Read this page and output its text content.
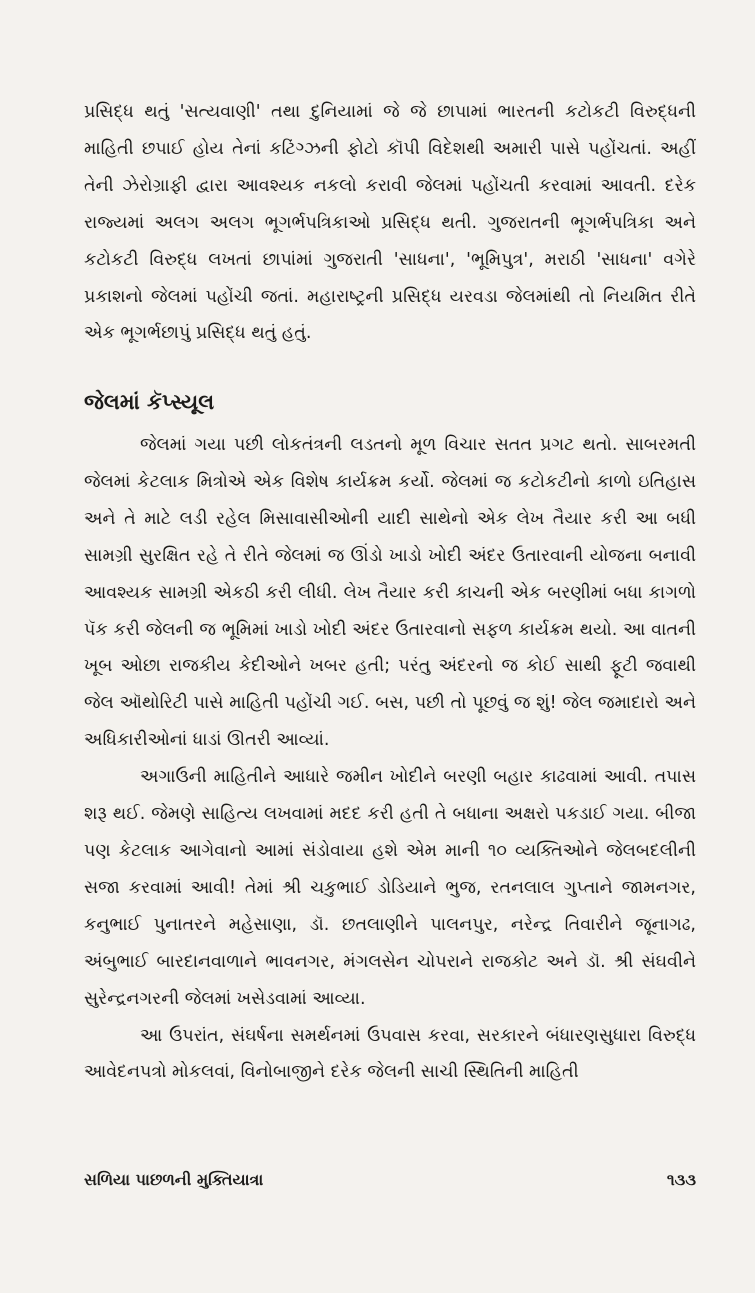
પ્રસિદ્ધ થતું 'સત્યવાણી' તથા દુનિયામાં જે જે છાપામાં ભારતની કટોકટી વિરુદ્ધની માહિતી છપાઈ હોય તેનાં કટિંગ્ઝની ફોટો કૉપી વિદેશથી અમારી પાસે પહોંચતાં. અહીં તેની ઝેરોગ્રાફી દ્વારા આવશ્યક નકલો કરાવી જેલમાં પહોંચતી કરવામાં આવતી. દરેક રાજ્યમાં અલગ અલગ ભૂગર્ભપત્રિકાઓ પ્રસિદ્ધ થતી. ગુજરાતની ભૂગર્ભપત્રિકા અને કટોકટી વિરુદ્ધ લખતાં છાપાંમાં ગુજરાતી 'સાધના', 'ભૂમિપુત્ર', મરાઠી 'સાધના' વગેરે પ્રકાશનો જેલમાં પહોંચી જતાં. મહારાષ્ટ્રની પ્રસિદ્ધ યરવડા જેલમાંથી તો નિયમિત રીતે એક ભૂગર્ભછાપું પ્રસિદ્ધ થતું હતું.

જેલમાં કૅપ્સ્યૂલ

જેલમાં ગયા પછી લોકતંત્રની લડતનો મૂળ વિચાર સતત પ્રગટ થતો. સાબરમતી જેલમાં કેટલાક મિત્રોએ એક વિશેષ કાર્યક્રમ કર્યો. જેલમાં જ કટોકટીનો કાળો ઇતિહાસ અને તે માટે લડી રહેલ મિસાવાસીઓની યાદી સાથેનો એક લેખ તૈયાર કરી આ બધી સામગ્રી સુરક્ષિત રહે તે રીતે જેલમાં જ ઊંડો ખાડો ખોદી અંદર ઉતારવાની યોજના બનાવી આવશ્યક સામગ્રી એકઠી કરી લીધી. લેખ તૈયાર કરી કાચની એક બરણીમાં બધા કાગળો પૅક કરી જેલની જ ભૂમિમાં ખાડો ખોદી અંદર ઉતારવાનો સફળ કાર્યક્રમ થયો. આ વાતની ખૂબ ઓછા રાજકીય કેદીઓને ખબર હતી; પરંતુ અંદરનો જ કોઈ સાથી ફૂટી જવાથી જેલ ઑથોરિટી પાસે માહિતી પહોંચી ગઈ. બસ, પછી તો પૂછવું જ શું! જેલ જમાદારો અને અધિકારીઓનાં ધાડાં ઊતરી આવ્યાં.

અગાઉની માહિતીને આધારે જમીન ખોદીને બરણી બહાર કાઢવામાં આવી. તપાસ શરૂ થઈ. જેમણે સાહિત્ય લખવામાં મદદ કરી હતી તે બધાના અક્ષરો પકડાઈ ગયા. બીજા પણ કેટલાક આગેવાનો આમાં સંડોવાયા હશે એમ માની ૧૦ વ્યક્તિઓને જેલબદલીની સજા કરવામાં આવી! તેમાં શ્રી ચકુભાઈ ડોડિયાને ભુજ, રતનલાલ ગુપ્તાને જામનગર, કનુભાઈ પુનાતરને મહેસાણા, ડૉ. છતલાણીને પાલનપુર, નરેન્દ્ર તિવારીને જૂનાગઢ, અંબુભાઈ બારદાનવાળાને ભાવનગર, મંગલસેન ચોપરાને રાજકોટ અને ડૉ. શ્રી સંઘવીને સુરેન્દ્રનગરની જેલમાં ખસેડવામાં આવ્યા.

આ ઉપરાંત, સંઘર્ષના સમર્થનમાં ઉપવાસ કરવા, સરકારને બંધારણસુધારા વિરુદ્ધ આવેદનપત્રો મોકલવાં, વિનોબાજીને દરેક જેલની સાચી સ્થિતિની માહિતી

સળિયા પાછળની મુક્તિયાત્રા	૧૩૩
